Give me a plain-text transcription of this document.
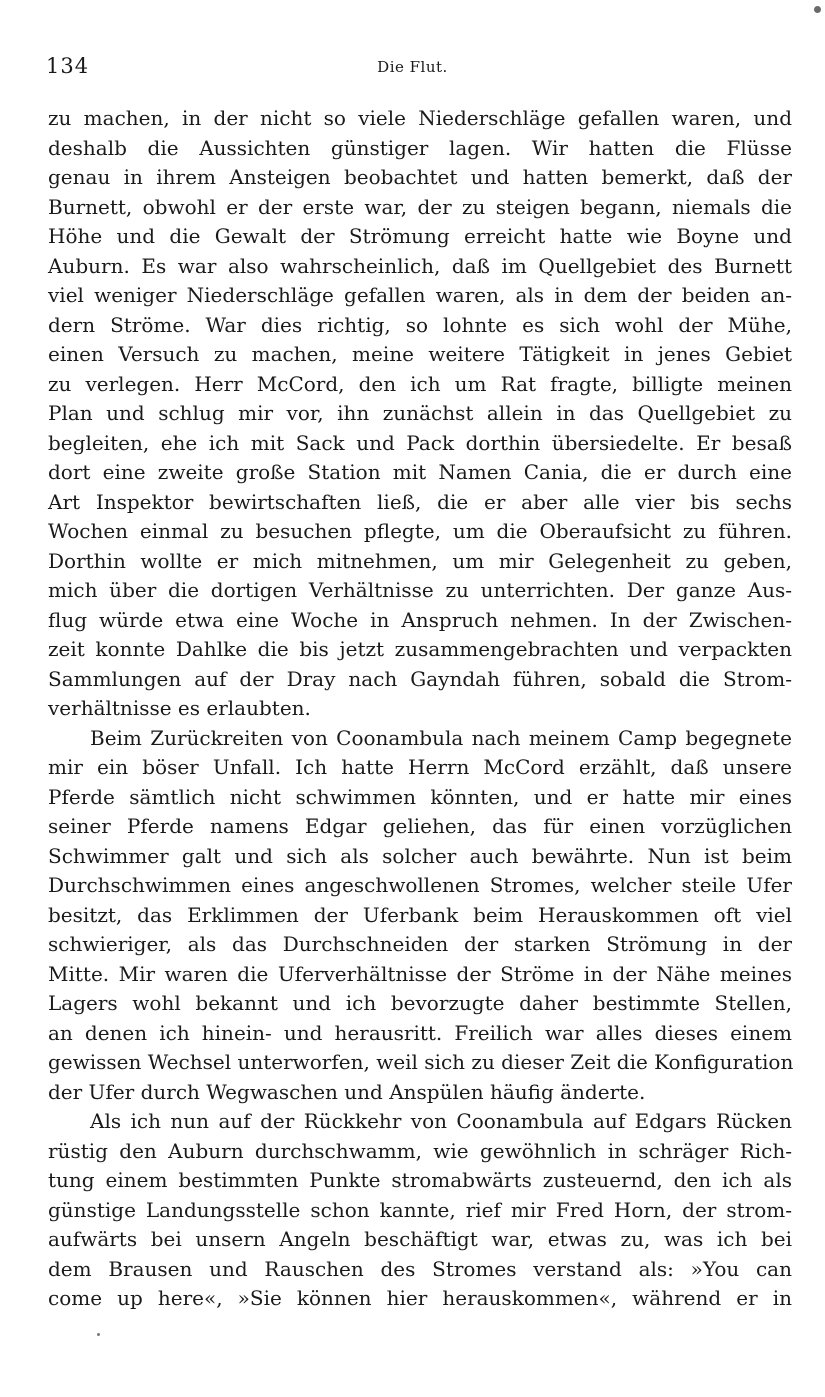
134	Die Flut.
zu machen, in der nicht so viele Niederschläge gefallen waren, und
deshalb die Aussichten günstiger lagen. Wir hatten die Flüsse
genau in ihrem Ansteigen beobachtet und hatten bemerkt, daß der
Burnett, obwohl er der erste war, der zu steigen begann, niemals die
Höhe und die Gewalt der Strömung erreicht hatte wie Boyne und
Auburn. Es war also wahrscheinlich, daß im Quellgebiet des Burnett
viel weniger Niederschläge gefallen waren, als in dem der beiden an-
dern Ströme. War dies richtig, so lohnte es sich wohl der Mühe,
einen Versuch zu machen, meine weitere Tätigkeit in jenes Gebiet
zu verlegen. Herr McCord, den ich um Rat fragte, billigte meinen
Plan und schlug mir vor, ihn zunächst allein in das Quellgebiet zu
begleiten, ehe ich mit Sack und Pack dorthin übersiedelte. Er besaß
dort eine zweite große Station mit Namen Cania, die er durch eine
Art Inspektor bewirtschaften ließ, die er aber alle vier bis sechs
Wochen einmal zu besuchen pflegte, um die Oberaufsicht zu führen.
Dorthin wollte er mich mitnehmen, um mir Gelegenheit zu geben,
mich über die dortigen Verhältnisse zu unterrichten. Der ganze Aus-
flug würde etwa eine Woche in Anspruch nehmen. In der Zwischen-
zeit konnte Dahlke die bis jetzt zusammengebrachten und verpackten
Sammlungen auf der Dray nach Gayndah führen, sobald die Strom-
verhältnisse es erlaubten.
Beim Zurückreiten von Coonambula nach meinem Camp begegnete
mir ein böser Unfall. Ich hatte Herrn McCord erzählt, daß unsere
Pferde sämtlich nicht schwimmen könnten, und er hatte mir eines
seiner Pferde namens Edgar geliehen, das für einen vorzüglichen
Schwimmer galt und sich als solcher auch bewährte. Nun ist beim
Durchschwimmen eines angeschwollenen Stromes, welcher steile Ufer
besitzt, das Erklimmen der Uferbank beim Herauskommen oft viel
schwieriger, als das Durchschneiden der starken Strömung in der
Mitte. Mir waren die Uferverhältnisse der Ströme in der Nähe meines
Lagers wohl bekannt und ich bevorzugte daher bestimmte Stellen,
an denen ich hinein- und herausritt. Freilich war alles dieses einem
gewissen Wechsel unterworfen, weil sich zu dieser Zeit die Konfiguration
der Ufer durch Wegwaschen und Anspülen häufig änderte.
Als ich nun auf der Rückkehr von Coonambula auf Edgars Rücken
rüstig den Auburn durchschwamm, wie gewöhnlich in schräger Rich-
tung einem bestimmten Punkte stromabwärts zusteuernd, den ich als
günstige Landungsstelle schon kannte, rief mir Fred Horn, der strom-
aufwärts bei unsern Angeln beschäftigt war, etwas zu, was ich bei
dem Brausen und Rauschen des Stromes verstand als: »You can
come up here«, »Sie können hier herauskommen«, während er in
